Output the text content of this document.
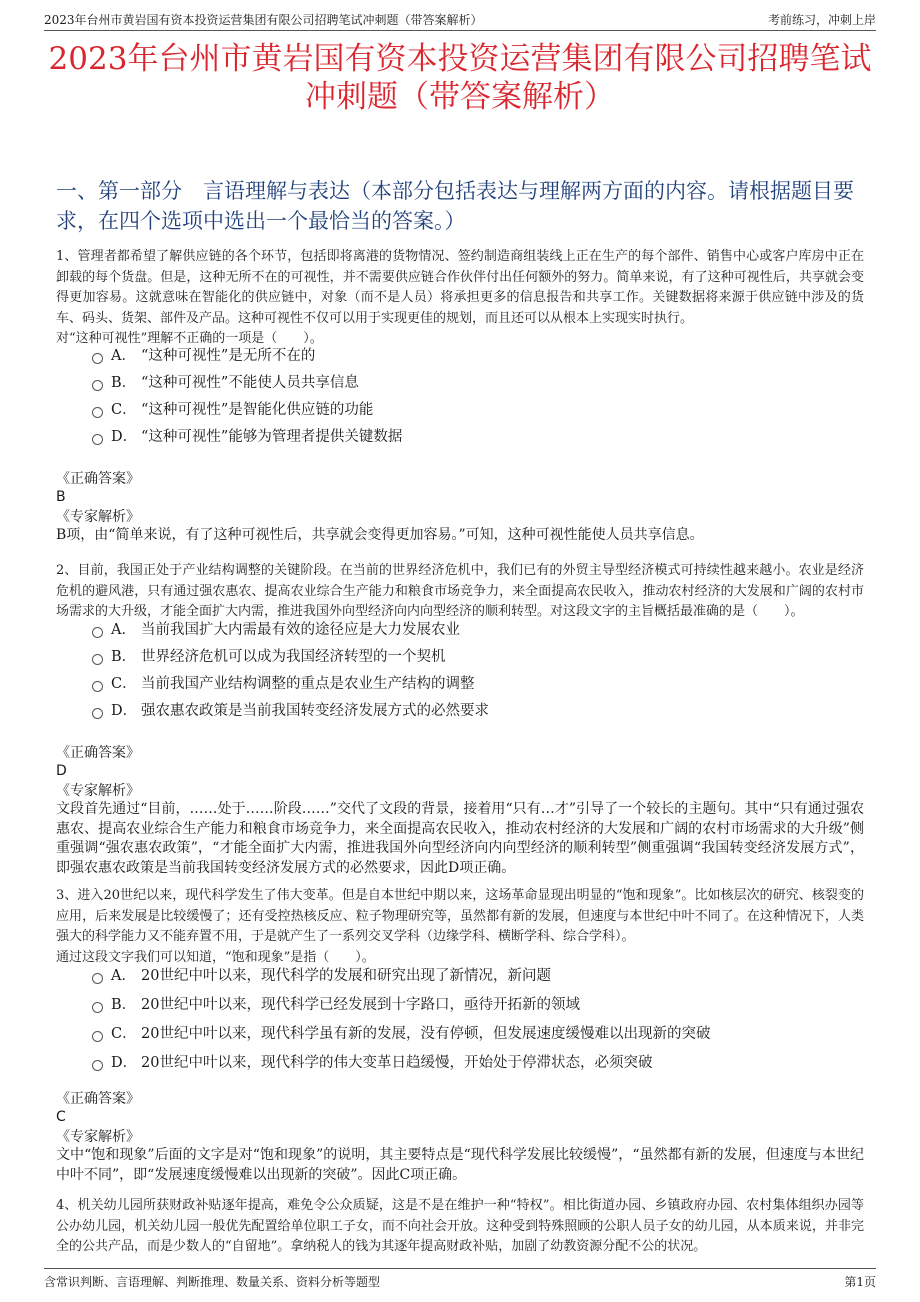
2023年台州市黄岩国有资本投资运营集团有限公司招聘笔试冲刺题（带答案解析）	考前练习，冲刺上岸
2023年台州市黄岩国有资本投资运营集团有限公司招聘笔试冲刺题（带答案解析）
一、第一部分　言语理解与表达（本部分包括表达与理解两方面的内容。请根据题目要求，在四个选项中选出一个最恰当的答案。）

1、管理者都希望了解供应链的各个环节，包括即将离港的货物情况、签约制造商组装线上正在生产的每个部件、销售中心或客户库房中正在卸载的每个货盘。但是，这种无所不在的可视性，并不需要供应链合作伙伴付出任何额外的努力。简单来说，有了这种可视性后，共享就会变得更加容易。这就意味在智能化的供应链中，对象（而不是人员）将承担更多的信息报告和共享工作。关键数据将来源于供应链中涉及的货车、码头、货架、部件及产品。这种可视性不仅可以用于实现更佳的规划，而且还可以从根本上实现实时执行。

对“这种可视性”理解不正确的一项是（　　）。

A． “这种可视性”是无所不在的
B． “这种可视性”不能使人员共享信息
C． “这种可视性”是智能化供应链的功能
D． “这种可视性”能够为管理者提供关键数据
《正确答案》
B
《专家解析》
B项，由“简单来说，有了这种可视性后，共享就会变得更加容易。”可知，这种可视性能使人员共享信息。

2、目前，我国正处于产业结构调整的关键阶段。在当前的世界经济危机中，我们已有的外贸主导型经济模式可持续性越来越小。农业是经济危机的避风港，只有通过强农惠农、提高农业综合生产能力和粮食市场竞争力，来全面提高农民收入，推动农村经济的大发展和广阔的农村市场需求的大升级，才能全面扩大内需，推进我国外向型经济向内向型经济的顺利转型。对这段文字的主旨概括最准确的是（　　）。

A． 当前我国扩大内需最有效的途径应是大力发展农业
B． 世界经济危机可以成为我国经济转型的一个契机
C． 当前我国产业结构调整的重点是农业生产结构的调整
D． 强农惠农政策是当前我国转变经济发展方式的必然要求
《正确答案》
D
《专家解析》
文段首先通过“目前，……处于……阶段……”交代了文段的背景，接着用“只有…才”引导了一个较长的主题句。其中“只有通过强农惠农、提高农业综合生产能力和粮食市场竞争力，来全面提高农民收入，推动农村经济的大发展和广阔的农村市场需求的大升级”侧重强调“强农惠农政策”，“才能全面扩大内需，推进我国外向型经济向内向型经济的顺利转型”侧重强调“我国转变经济发展方式”，即强农惠农政策是当前我国转变经济发展方式的必然要求，因此D项正确。

3、进入20世纪以来，现代科学发生了伟大变革。但是自本世纪中期以来，这场革命显现出明显的“饱和现象”。比如核层次的研究、核裂变的应用，后来发展是比较缓慢了；还有受控热核反应、粒子物理研究等，虽然都有新的发展，但速度与本世纪中叶不同了。在这种情况下，人类强大的科学能力又不能弃置不用，于是就产生了一系列交叉学科（边缘学科、横断学科、综合学科）。

通过这段文字我们可以知道，“饱和现象”是指（　　）。

A． 20世纪中叶以来，现代科学的发展和研究出现了新情况，新问题
B． 20世纪中叶以来，现代科学已经发展到十字路口，亟待开拓新的领域
C． 20世纪中叶以来，现代科学虽有新的发展，没有停顿，但发展速度缓慢难以出现新的突破
D． 20世纪中叶以来，现代科学的伟大变革日趋缓慢，开始处于停滞状态，必须突破
《正确答案》
C
《专家解析》
文中“饱和现象”后面的文字是对“饱和现象”的说明，其主要特点是“现代科学发展比较缓慢”，“虽然都有新的发展，但速度与本世纪中叶不同”，即“发展速度缓慢难以出现新的突破”。因此C项正确。

4、机关幼儿园所获财政补贴逐年提高，难免令公众质疑，这是不是在维护一种“特权”。相比街道办园、乡镇政府办园、农村集体组织办园等公办幼儿园，机关幼儿园一般优先配置给单位职工子女，而不向社会开放。这种受到特殊照顾的公职人员子女的幼儿园，从本质来说，并非完全的公共产品，而是少数人的“自留地”。拿纳税人的钱为其逐年提高财政补贴，加剧了幼教资源分配不公的状况。

含常识判断、言语理解、判断推理、数量关系、资料分析等题型	第1页
